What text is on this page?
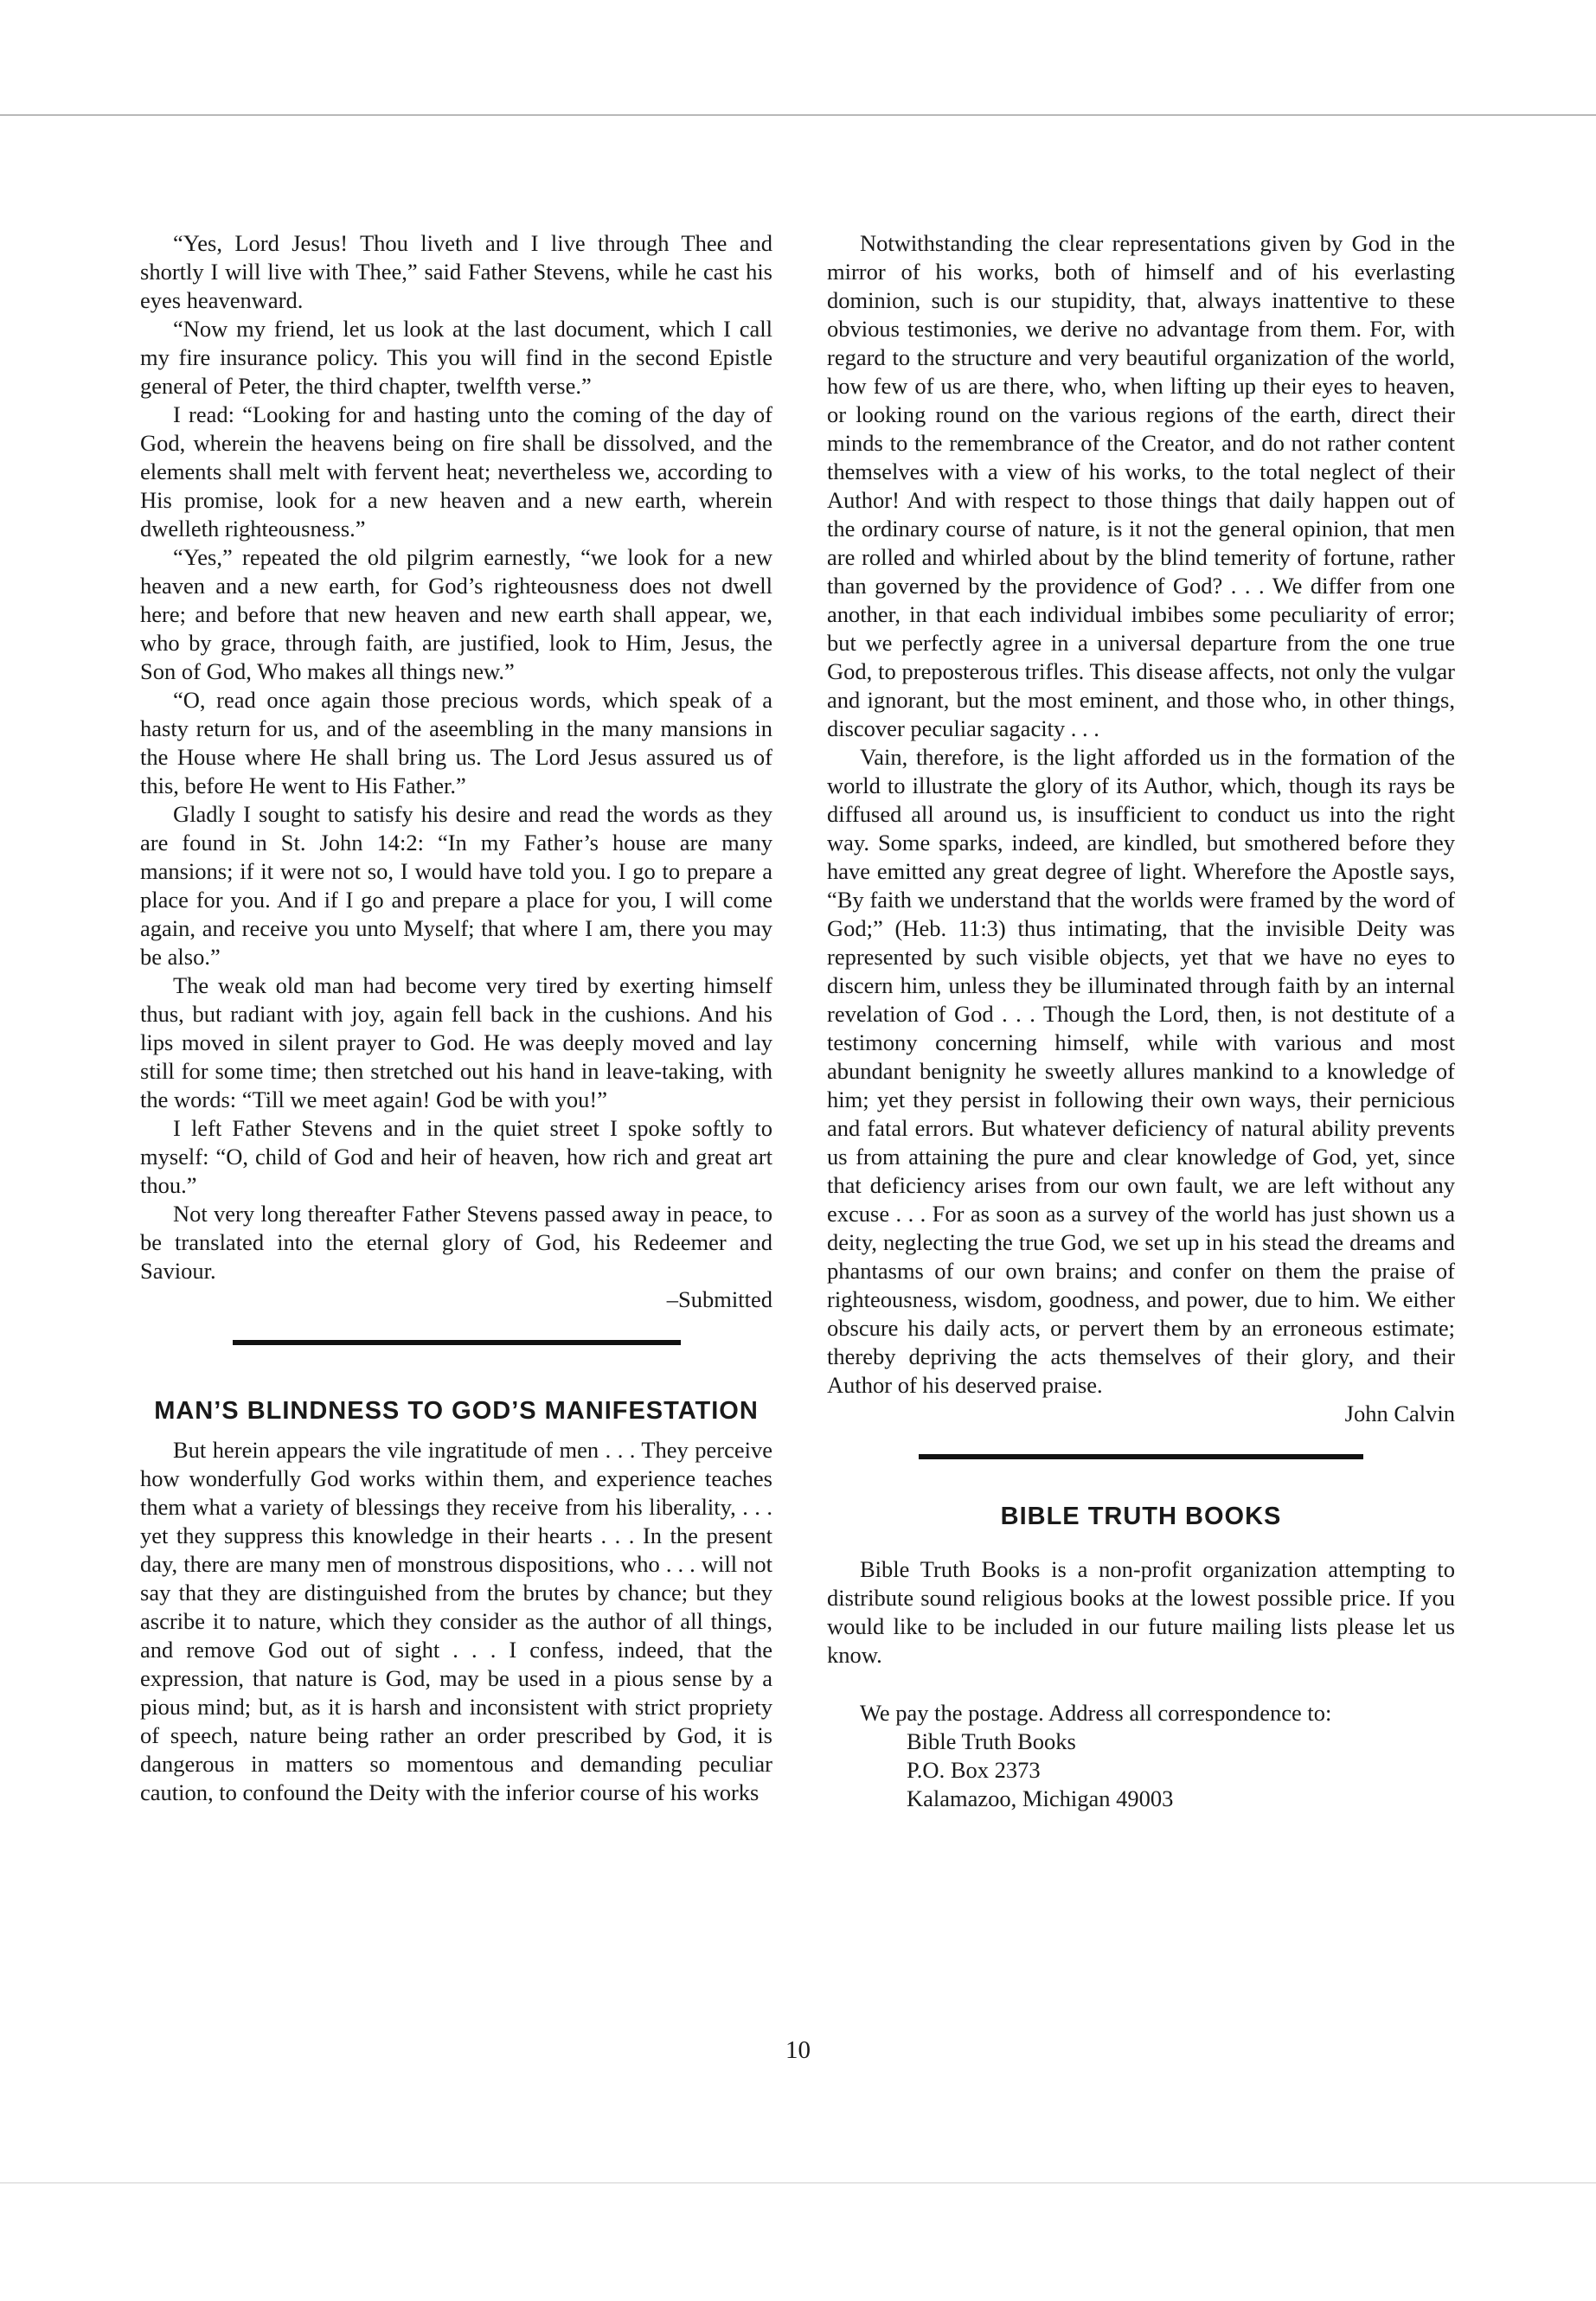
“Yes, Lord Jesus! Thou liveth and I live through Thee and shortly I will live with Thee,” said Father Stevens, while he cast his eyes heavenward.

“Now my friend, let us look at the last document, which I call my fire insurance policy. This you will find in the second Epistle general of Peter, the third chapter, twelfth verse.”

I read: “Looking for and hasting unto the coming of the day of God, wherein the heavens being on fire shall be dissolved, and the elements shall melt with fervent heat; nevertheless we, according to His promise, look for a new heaven and a new earth, wherein dwelleth righteousness.”

“Yes,” repeated the old pilgrim earnestly, “we look for a new heaven and a new earth, for God’s righteousness does not dwell here; and before that new heaven and new earth shall appear, we, who by grace, through faith, are justified, look to Him, Jesus, the Son of God, Who makes all things new.”

“O, read once again those precious words, which speak of a hasty return for us, and of the aseembling in the many mansions in the House where He shall bring us. The Lord Jesus assured us of this, before He went to His Father.”

Gladly I sought to satisfy his desire and read the words as they are found in St. John 14:2: “In my Father’s house are many mansions; if it were not so, I would have told you. I go to prepare a place for you. And if I go and prepare a place for you, I will come again, and receive you unto Myself; that where I am, there you may be also.”

The weak old man had become very tired by exerting himself thus, but radiant with joy, again fell back in the cushions. And his lips moved in silent prayer to God. He was deeply moved and lay still for some time; then stretched out his hand in leave-taking, with the words: “Till we meet again! God be with you!”

I left Father Stevens and in the quiet street I spoke softly to myself: “O, child of God and heir of heaven, how rich and great art thou.”

Not very long thereafter Father Stevens passed away in peace, to be translated into the eternal glory of God, his Redeemer and Saviour.

–Submitted

MAN’S BLINDNESS TO GOD’S MANIFESTATION

But herein appears the vile ingratitude of men . . . They perceive how wonderfully God works within them, and experience teaches them what a variety of blessings they receive from his liberality, . . . yet they suppress this knowledge in their hearts . . . In the present day, there are many men of monstrous dispositions, who . . . will not say that they are distinguished from the brutes by chance; but they ascribe it to nature, which they consider as the author of all things, and remove God out of sight . . . I confess, indeed, that the expression, that nature is God, may be used in a pious sense by a pious mind; but, as it is harsh and inconsistent with strict propriety of speech, nature being rather an order prescribed by God, it is dangerous in matters so momentous and demanding peculiar caution, to confound the Deity with the inferior course of his works

Notwithstanding the clear representations given by God in the mirror of his works, both of himself and of his everlasting dominion, such is our stupidity, that, always inattentive to these obvious testimonies, we derive no advantage from them. For, with regard to the structure and very beautiful organization of the world, how few of us are there, who, when lifting up their eyes to heaven, or looking round on the various regions of the earth, direct their minds to the remembrance of the Creator, and do not rather content themselves with a view of his works, to the total neglect of their Author! And with respect to those things that daily happen out of the ordinary course of nature, is it not the general opinion, that men are rolled and whirled about by the blind temerity of fortune, rather than governed by the providence of God? . . . We differ from one another, in that each individual imbibes some peculiarity of error; but we perfectly agree in a universal departure from the one true God, to preposterous trifles. This disease affects, not only the vulgar and ignorant, but the most eminent, and those who, in other things, discover peculiar sagacity . . .

Vain, therefore, is the light afforded us in the formation of the world to illustrate the glory of its Author, which, though its rays be diffused all around us, is insufficient to conduct us into the right way. Some sparks, indeed, are kindled, but smothered before they have emitted any great degree of light. Wherefore the Apostle says, “By faith we understand that the worlds were framed by the word of God;” (Heb. 11:3) thus intimating, that the invisible Deity was represented by such visible objects, yet that we have no eyes to discern him, unless they be illuminated through faith by an internal revelation of God . . . Though the Lord, then, is not destitute of a testimony concerning himself, while with various and most abundant benignity he sweetly allures mankind to a knowledge of him; yet they persist in following their own ways, their pernicious and fatal errors. But whatever deficiency of natural ability prevents us from attaining the pure and clear knowledge of God, yet, since that deficiency arises from our own fault, we are left without any excuse . . . For as soon as a survey of the world has just shown us a deity, neglecting the true God, we set up in his stead the dreams and phantasms of our own brains; and confer on them the praise of righteousness, wisdom, goodness, and power, due to him. We either obscure his daily acts, or pervert them by an erroneous estimate; thereby depriving the acts themselves of their glory, and their Author of his deserved praise.

John Calvin

BIBLE TRUTH BOOKS

Bible Truth Books is a non-profit organization attempting to distribute sound religious books at the lowest possible price. If you would like to be included in our future mailing lists please let us know.

We pay the postage. Address all correspondence to:

Bible Truth Books
P.O. Box 2373
Kalamazoo, Michigan 49003
10
